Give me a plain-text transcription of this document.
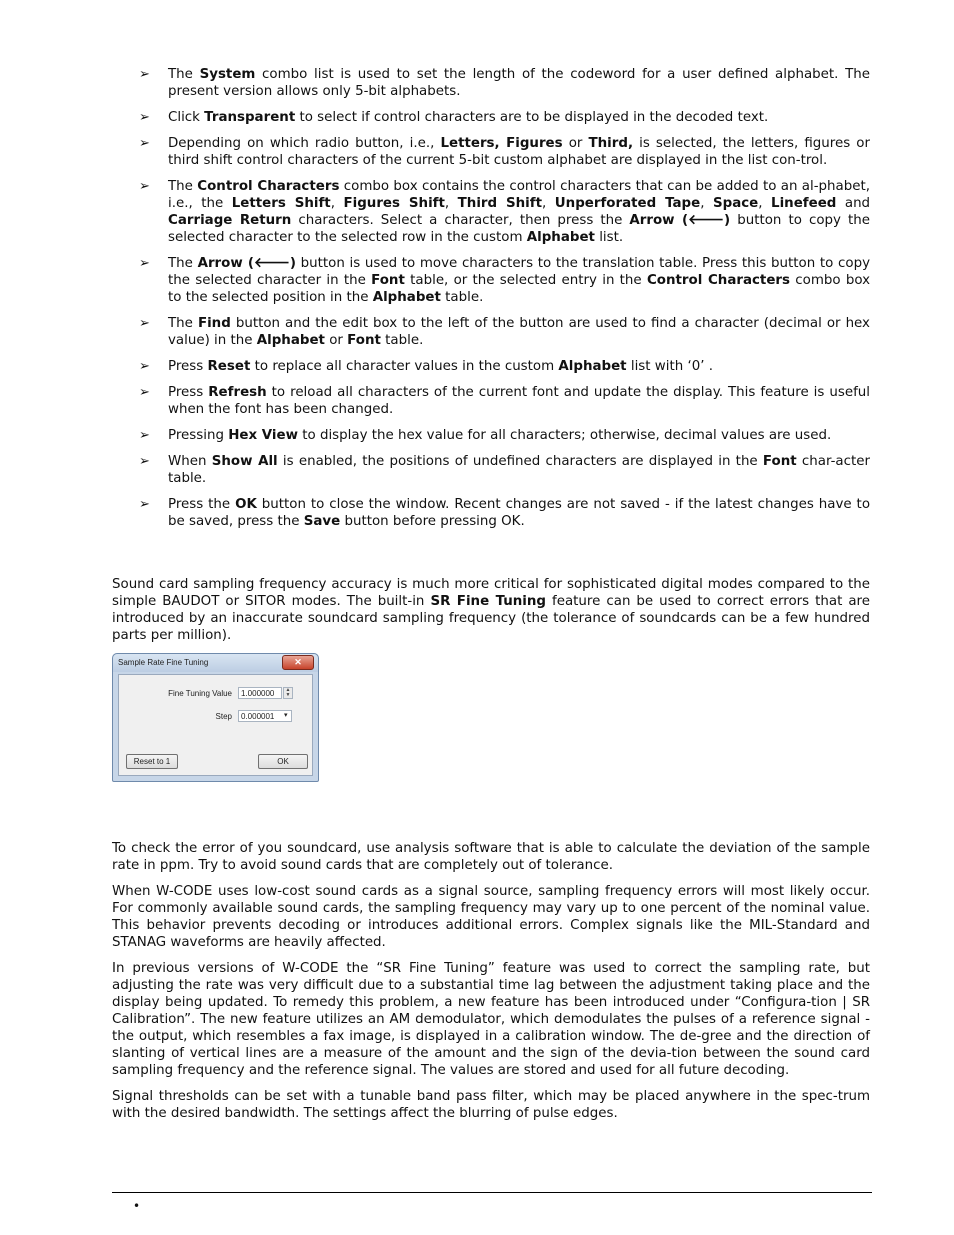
➢ The System combo list is used to set the length of the codeword for a user defined alphabet. The present version allows only 5-bit alphabets.
➢ Click Transparent to select if control characters are to be displayed in the decoded text.
➢ Depending on which radio button, i.e., Letters, Figures or Third, is selected, the letters, figures or third shift control characters of the current 5-bit custom alphabet are displayed in the list con-trol.
➢ The Control Characters combo box contains the control characters that can be added to an al-phabet, i.e., the Letters Shift, Figures Shift, Third Shift, Unperforated Tape, Space, Linefeed and Carriage Return characters. Select a character, then press the Arrow (🡐) button to copy the selected character to the selected row in the custom Alphabet list.
➢ The Arrow (🡐) button is used to move characters to the translation table. Press this button to copy the selected character in the Font table, or the selected entry in the Control Characters combo box to the selected position in the Alphabet table.
➢ The Find button and the edit box to the left of the button are used to find a character (decimal or hex value) in the Alphabet or Font table.
➢ Press Reset to replace all character values in the custom Alphabet list with ‘0’ .
➢ Press Refresh to reload all characters of the current font and update the display. This feature is useful when the font has been changed.
➢ Pressing Hex View to display the hex value for all characters; otherwise, decimal values are used.
➢ When Show All is enabled, the positions of undefined characters are displayed in the Font char-acter table.
➢ Press the OK button to close the window. Recent changes are not saved - if the latest changes have to be saved, press the Save button before pressing OK.

Sound card sampling frequency accuracy is much more critical for sophisticated digital modes compared to the simple BAUDOT or SITOR modes. The built-in SR Fine Tuning feature can be used to correct errors that are introduced by an inaccurate soundcard sampling frequency (the tolerance of soundcards can be a few hundred parts per million).

Sample Rate Fine Tuning	✕
Fine Tuning Value	1.000000	▲
▼
Step	0.000001	▾
Reset to 1	OK

To check the error of you soundcard, use analysis software that is able to calculate the deviation of the sample rate in ppm. Try to avoid sound cards that are completely out of tolerance.

When W-CODE uses low-cost sound cards as a signal source, sampling frequency errors will most likely occur. For commonly available sound cards, the sampling frequency may vary up to one percent of the nominal value. This behavior prevents decoding or introduces additional errors. Complex signals like the MIL-Standard and STANAG waveforms are heavily affected.

In previous versions of W-CODE the “SR Fine Tuning” feature was used to correct the sampling rate, but adjusting the rate was very difficult due to a substantial time lag between the adjustment taking place and the display being updated. To remedy this problem, a new feature has been introduced under “Configura-tion | SR Calibration”. The new feature utilizes an AM demodulator, which demodulates the pulses of a reference signal - the output, which resembles a fax image, is displayed in a calibration window. The de-gree and the direction of slanting of vertical lines are a measure of the amount and the sign of the devia-tion between the sound card sampling frequency and the reference signal. The values are stored and used for all future decoding.

Signal thresholds can be set with a tunable band pass filter, which may be placed anywhere in the spec-trum with the desired bandwidth. The settings affect the blurring of pulse edges.

•
